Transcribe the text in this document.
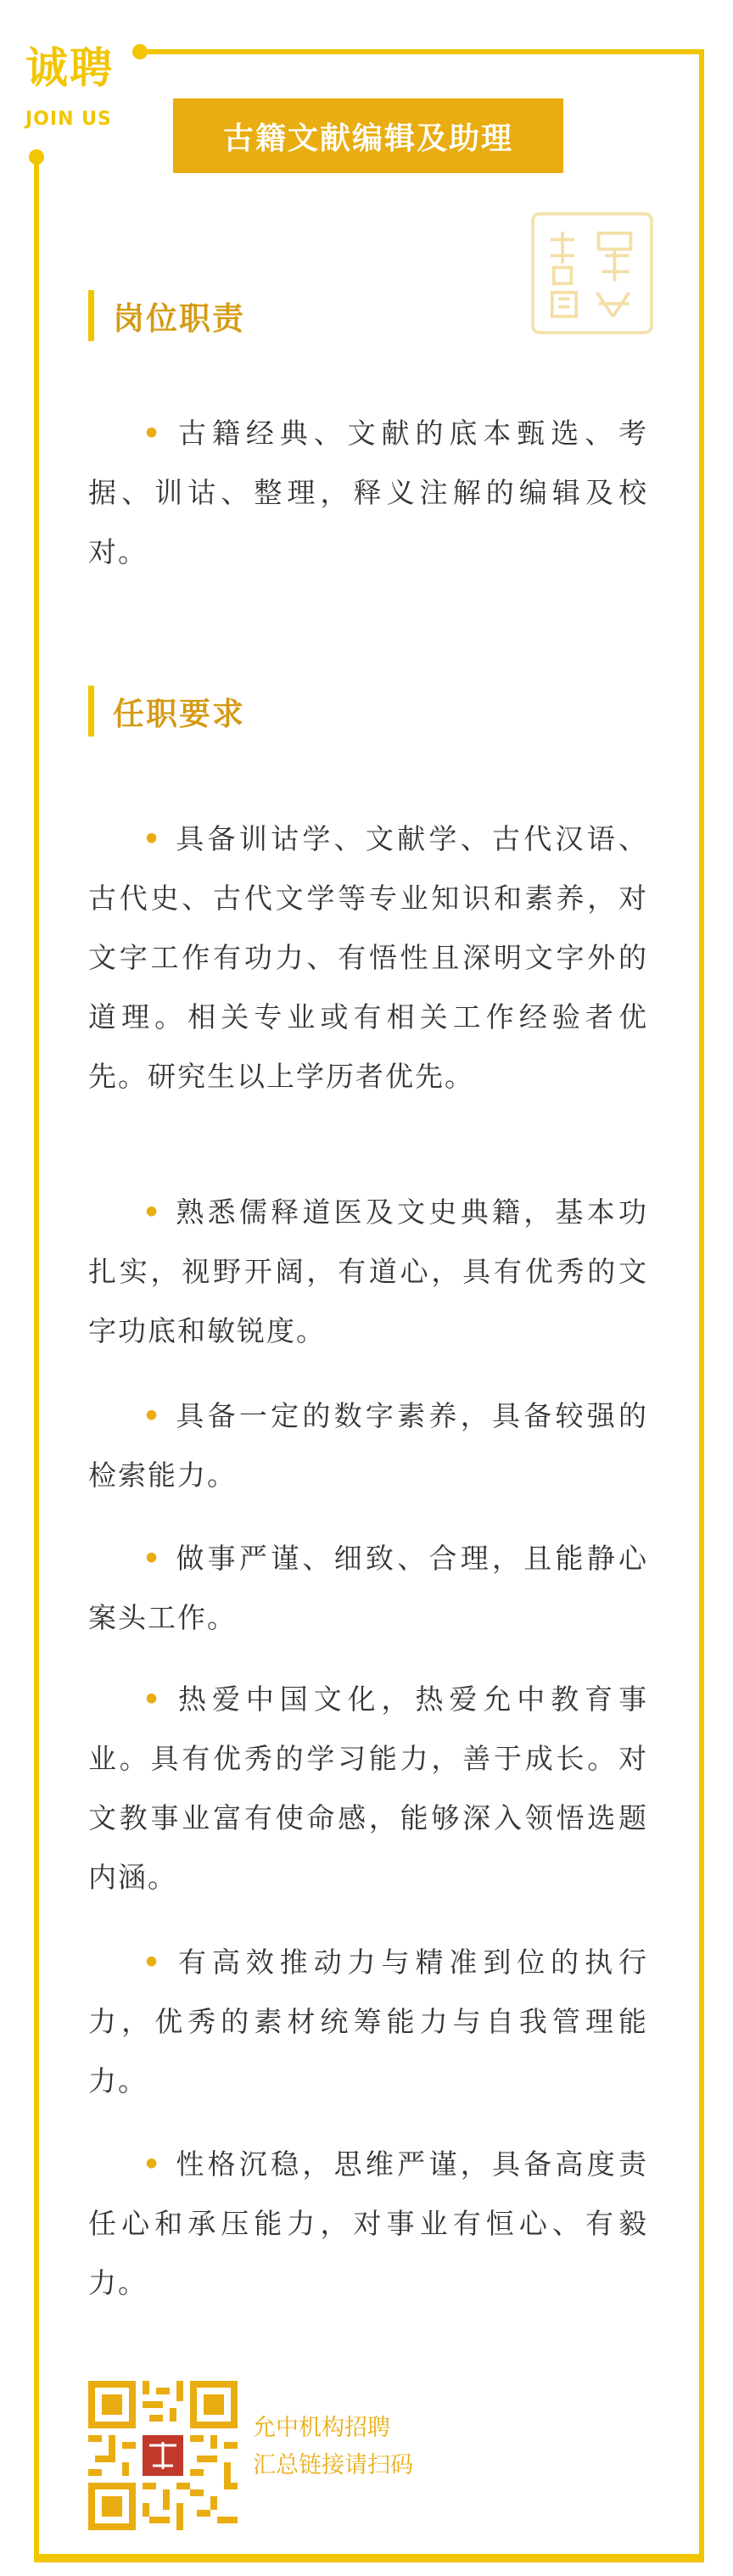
诚聘
JOIN US
古籍文献编辑及助理
岗位职责
• 古籍经典、文献的底本甄选、考据、训诂、整理，释义注解的编辑及校对。
任职要求
• 具备训诂学、文献学、古代汉语、古代史、古代文学等专业知识和素养，对文字工作有功力、有悟性且深明文字外的道理。相关专业或有相关工作经验者优先。研究生以上学历者优先。
• 熟悉儒释道医及文史典籍，基本功扎实，视野开阔，有道心，具有优秀的文字功底和敏锐度。
• 具备一定的数字素养，具备较强的检索能力。
• 做事严谨、细致、合理，且能静心案头工作。
• 热爱中国文化，热爱允中教育事业。具有优秀的学习能力，善于成长。对文教事业富有使命感，能够深入领悟选题内涵。
• 有高效推动力与精准到位的执行力，优秀的素材统筹能力与自我管理能力。
• 性格沉稳，思维严谨，具备高度责任心和承压能力，对事业有恒心、有毅力。
允中机构招聘
汇总链接请扫码
